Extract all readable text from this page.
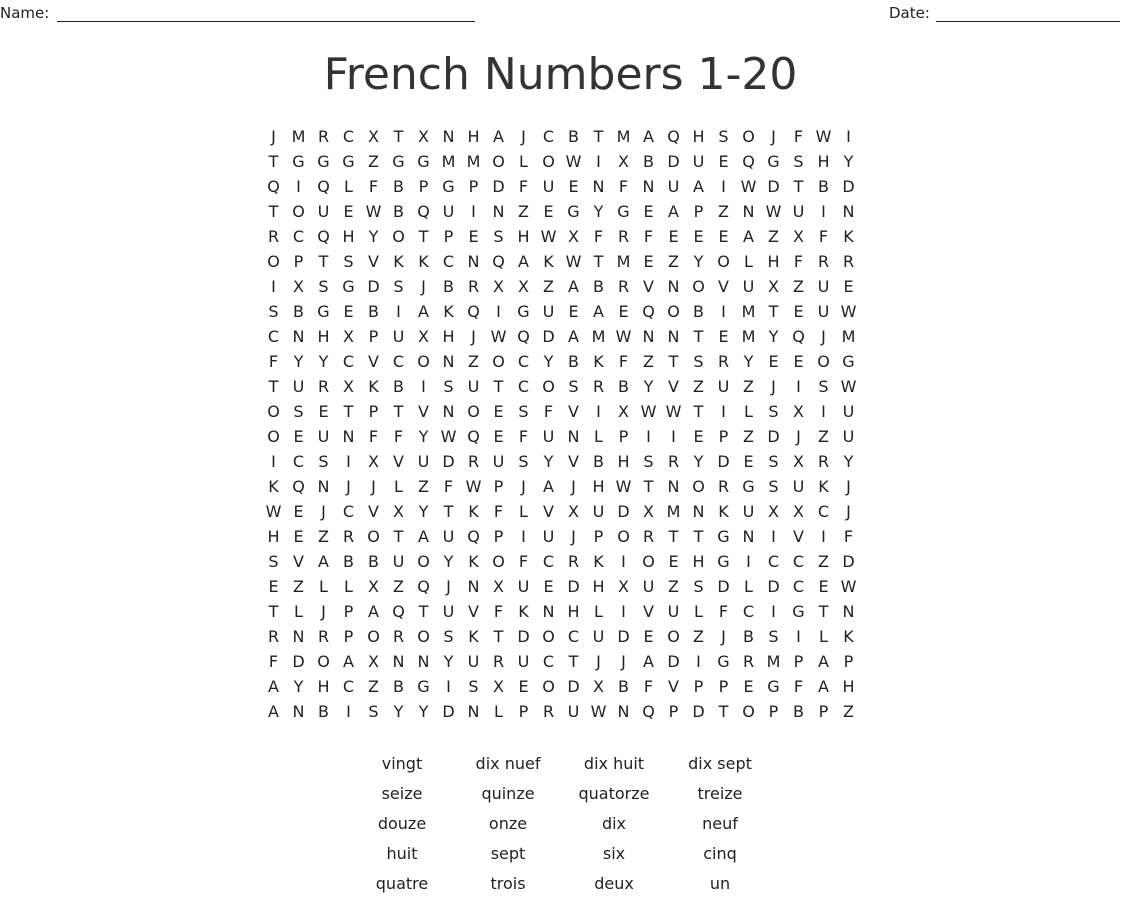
Name:	Date:
French Numbers 1-20
J M R C X T X N H A	J	C B T M A Q H S O	J	F W I
T G G G Z G G M M O L O W I	X B D U E Q G S H Y
Q	I	Q L F B P G P D F U E N F N U A	I W D T B D
T O U E W B Q U	I	N Z E G Y G E A P Z N W U	I	N
R C Q H Y O T P E S H W X F R F E E E A Z X F K
O P T S V K K C N Q A K W T M E Z Y O L H F R R
I	X S G D S	J	B R X X Z A B R V N O V U X Z U E
S B G E B	I	A K Q	I	G U E A E Q O B	I M T E U W
C N H X P U X H	J W Q D A M W N N T E M Y Q	J M
F Y Y C V C O N Z O C Y B K F Z T S R Y E E O G
T U R X K B	I	S U T C O S R B Y V Z U Z	J	I	S W
O S E T P T V N O E S F V	I	X W W T	I	L S X	I	U
O E U N F F Y W Q E F U N L P	I	I	E P Z D	J	Z U
I	C S	I	X V U D R U S Y V B H S R Y D E S X R Y
K Q N	J	J	L Z F W P	J	A	J	H W T N O R G S U K	J
W E	J	C V X Y T K F L V X U D X M N K U X X C	J
H E Z R O T A U Q P	I	U	J	P O R T T G N	I	V	I	F
S V A B B U O Y K O F C R K	I	O E H G	I	C C Z D
E Z L	L X Z Q	J	N X U E D H X U Z S D L D C E W
T L	J	P A Q T U V F K N H L	I	V U L F C	I	G T N
R N R P O R O S K T D O C U D E O Z	J	B S	I	L K
F D O A X N N Y U R U C T	J	J	A D	I	G R M P A P
A Y H C Z B G	I	S X E O D X B F V P P E G F A H
A N B	I	S Y Y D N L P R U W N Q P D T O P B P Z
vingt	dix nuef	dix huit	dix sept
seize	quinze	quatorze	treize
douze	onze	dix	neuf
huit	sept	six	cinq
quatre	trois	deux	un
